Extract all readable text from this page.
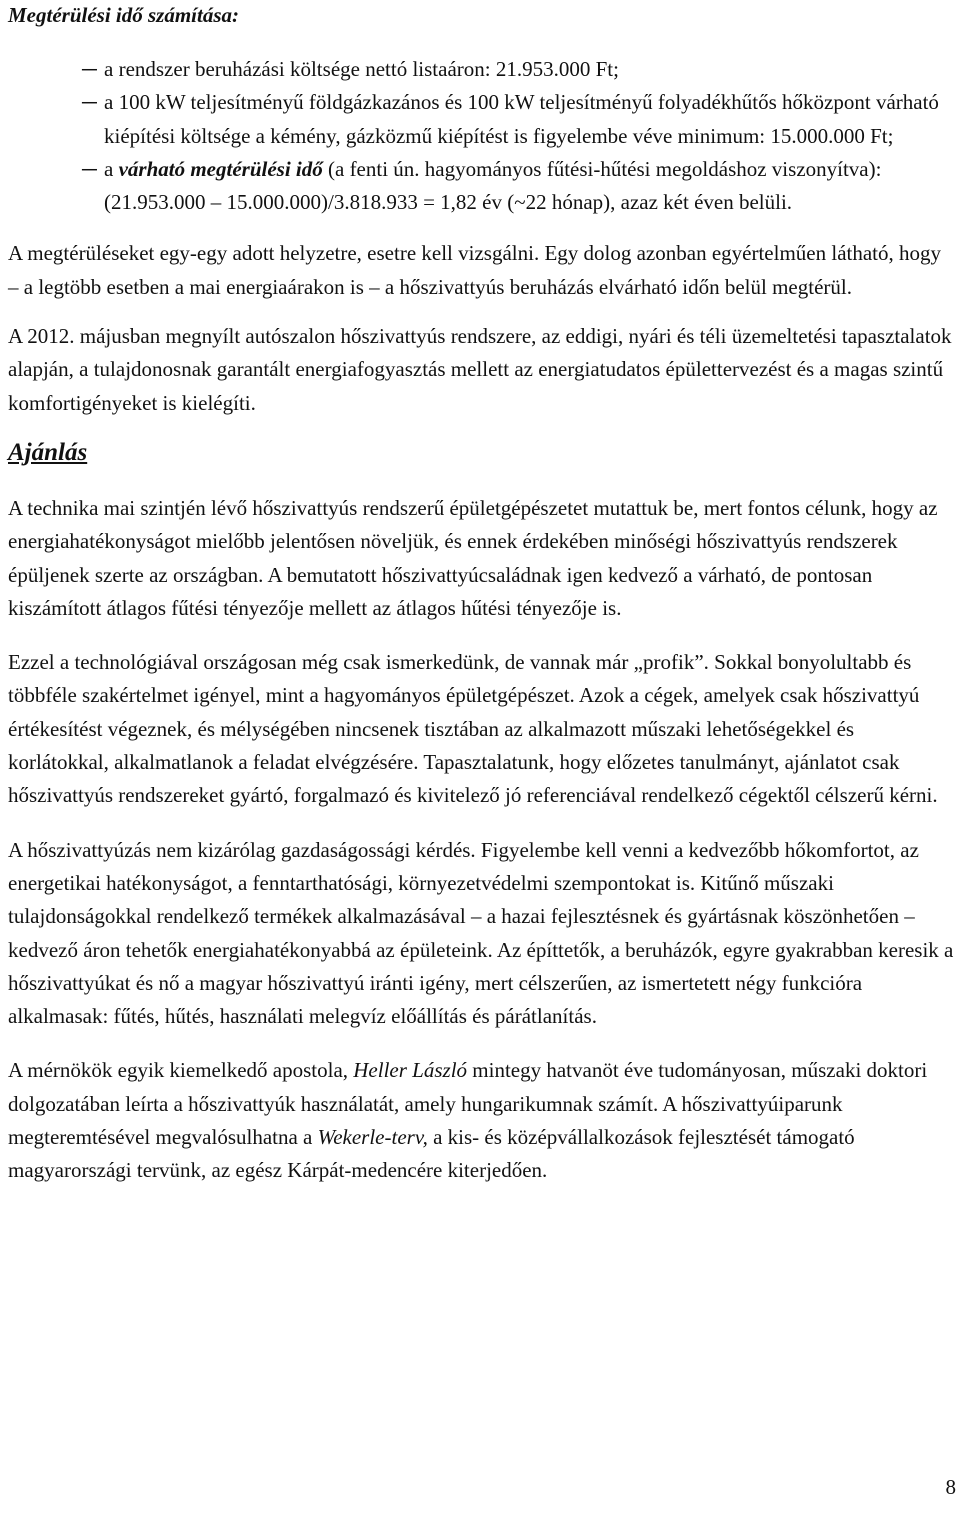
Megtérülési idő számítása:
─ a rendszer beruházási költsége nettó listaáron: 21.953.000 Ft;
─ a 100 kW teljesítményű földgázkazános és 100 kW teljesítményű folyadékhűtős hőközpont várható kiépítési költsége a kémény, gázközmű kiépítést is figyelembe véve minimum: 15.000.000 Ft;
─ a várható megtérülési idő (a fenti ún. hagyományos fűtési-hűtési megoldáshoz viszonyítva): (21.953.000 – 15.000.000)/3.818.933 = 1,82 év (~22 hónap), azaz két éven belüli.

A megtérüléseket egy-egy adott helyzetre, esetre kell vizsgálni. Egy dolog azonban egyértelműen látható, hogy – a legtöbb esetben a mai energiaárakon is – a hőszivattyús beruházás elvárható időn belül megtérül.

A 2012. májusban megnyílt autószalon hőszivattyús rendszere, az eddigi, nyári és téli üzemeltetési tapasztalatok alapján, a tulajdonosnak garantált energiafogyasztás mellett az energiatudatos épülettervezést és a magas szintű komfortigényeket is kielégíti.

Ajánlás

A technika mai szintjén lévő hőszivattyús rendszerű épületgépészetet mutattuk be, mert fontos célunk, hogy az energiahatékonyságot mielőbb jelentősen növeljük, és ennek érdekében minőségi hőszivattyús rendszerek épüljenek szerte az országban. A bemutatott hőszivattyúcsaládnak igen kedvező a várható, de pontosan kiszámított átlagos fűtési tényezője mellett az átlagos hűtési tényezője is.

Ezzel a technológiával országosan még csak ismerkedünk, de vannak már „profik”. Sokkal bonyolultabb és többféle szakértelmet igényel, mint a hagyományos épületgépészet. Azok a cégek, amelyek csak hőszivattyú értékesítést végeznek, és mélységében nincsenek tisztában az alkalmazott műszaki lehetőségekkel és korlátokkal, alkalmatlanok a feladat elvégzésére. Tapasztalatunk, hogy előzetes tanulmányt, ajánlatot csak hőszivattyús rendszereket gyártó, forgalmazó és kivitelező jó referenciával rendelkező cégektől célszerű kérni.

A hőszivattyúzás nem kizárólag gazdaságossági kérdés. Figyelembe kell venni a kedvezőbb hőkomfortot, az energetikai hatékonyságot, a fenntarthatósági, környezetvédelmi szempontokat is. Kitűnő műszaki tulajdonságokkal rendelkező termékek alkalmazásával – a hazai fejlesztésnek és gyártásnak köszönhetően – kedvező áron tehetők energiahatékonyabbá az épületeink. Az építtetők, a beruházók, egyre gyakrabban keresik a hőszivattyúkat és nő a magyar hőszivattyú iránti igény, mert célszerűen, az ismertetett négy funkcióra alkalmasak: fűtés, hűtés, használati melegvíz előállítás és párátlanítás.

A mérnökök egyik kiemelkedő apostola, Heller László mintegy hatvanöt éve tudományosan, műszaki doktori dolgozatában leírta a hőszivattyúk használatát, amely hungarikumnak számít. A hőszivattyúiparunk megteremtésével megvalósulhatna a Wekerle-terv, a kis- és középvállalkozások fejlesztését támogató magyarországi tervünk, az egész Kárpát-medencére kiterjedően.

8
